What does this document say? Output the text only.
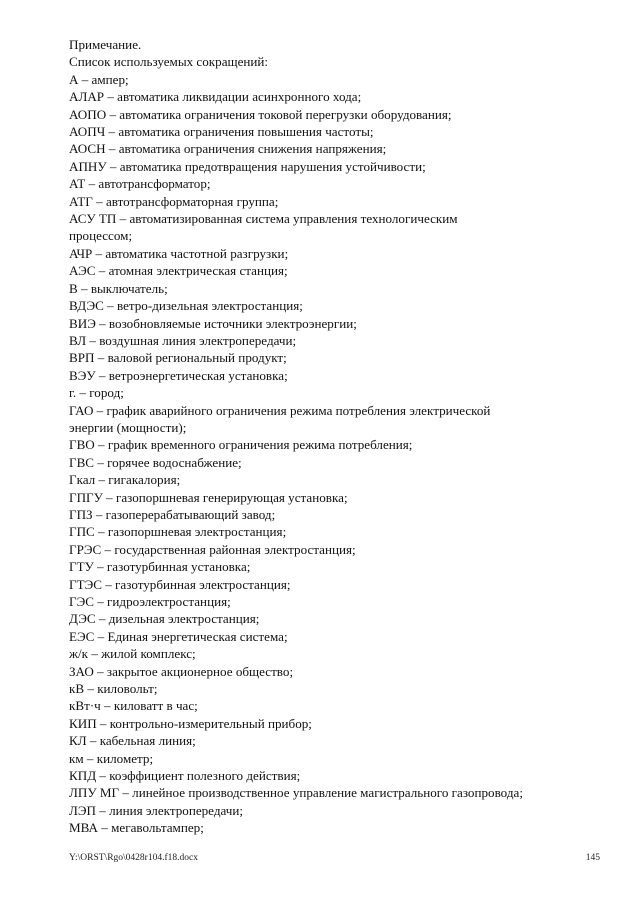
Примечание.
Список используемых сокращений:
А – ампер;
АЛАР – автоматика ликвидации асинхронного хода;
АОПО – автоматика ограничения токовой перегрузки оборудования;
АОПЧ – автоматика ограничения повышения частоты;
АОСН – автоматика ограничения снижения напряжения;
АПНУ – автоматика предотвращения нарушения устойчивости;
АТ – автотрансформатор;
АТГ – автотрансформаторная группа;
АСУ ТП – автоматизированная система управления технологическим
процессом;
АЧР – автоматика частотной разгрузки;
АЭС – атомная электрическая станция;
В – выключатель;
ВДЭС – ветро-дизельная электростанция;
ВИЭ – возобновляемые источники электроэнергии;
ВЛ – воздушная линия электропередачи;
ВРП – валовой региональный продукт;
ВЭУ – ветроэнергетическая установка;
г. – город;
ГАО – график аварийного ограничения режима потребления электрической
энергии (мощности);
ГВО – график временного ограничения режима потребления;
ГВС – горячее водоснабжение;
Гкал – гигакалория;
ГПГУ – газопоршневая генерирующая установка;
ГПЗ – газоперерабатывающий завод;
ГПС – газопоршневая электростанция;
ГРЭС – государственная районная электростанция;
ГТУ – газотурбинная установка;
ГТЭС – газотурбинная электростанция;
ГЭС – гидроэлектростанция;
ДЭС – дизельная электростанция;
ЕЭС – Единая энергетическая система;
ж/к – жилой комплекс;
ЗАО – закрытое акционерное общество;
кВ – киловольт;
кВт·ч – киловатт в час;
КИП – контрольно-измерительный прибор;
КЛ – кабельная линия;
км – километр;
КПД – коэффициент полезного действия;
ЛПУ МГ – линейное производственное управление магистрального газопровода;
ЛЭП – линия электропередачи;
МВА – мегавольтампер;
Y:\ORST\Rgo\0428r104.f18.docx	145
